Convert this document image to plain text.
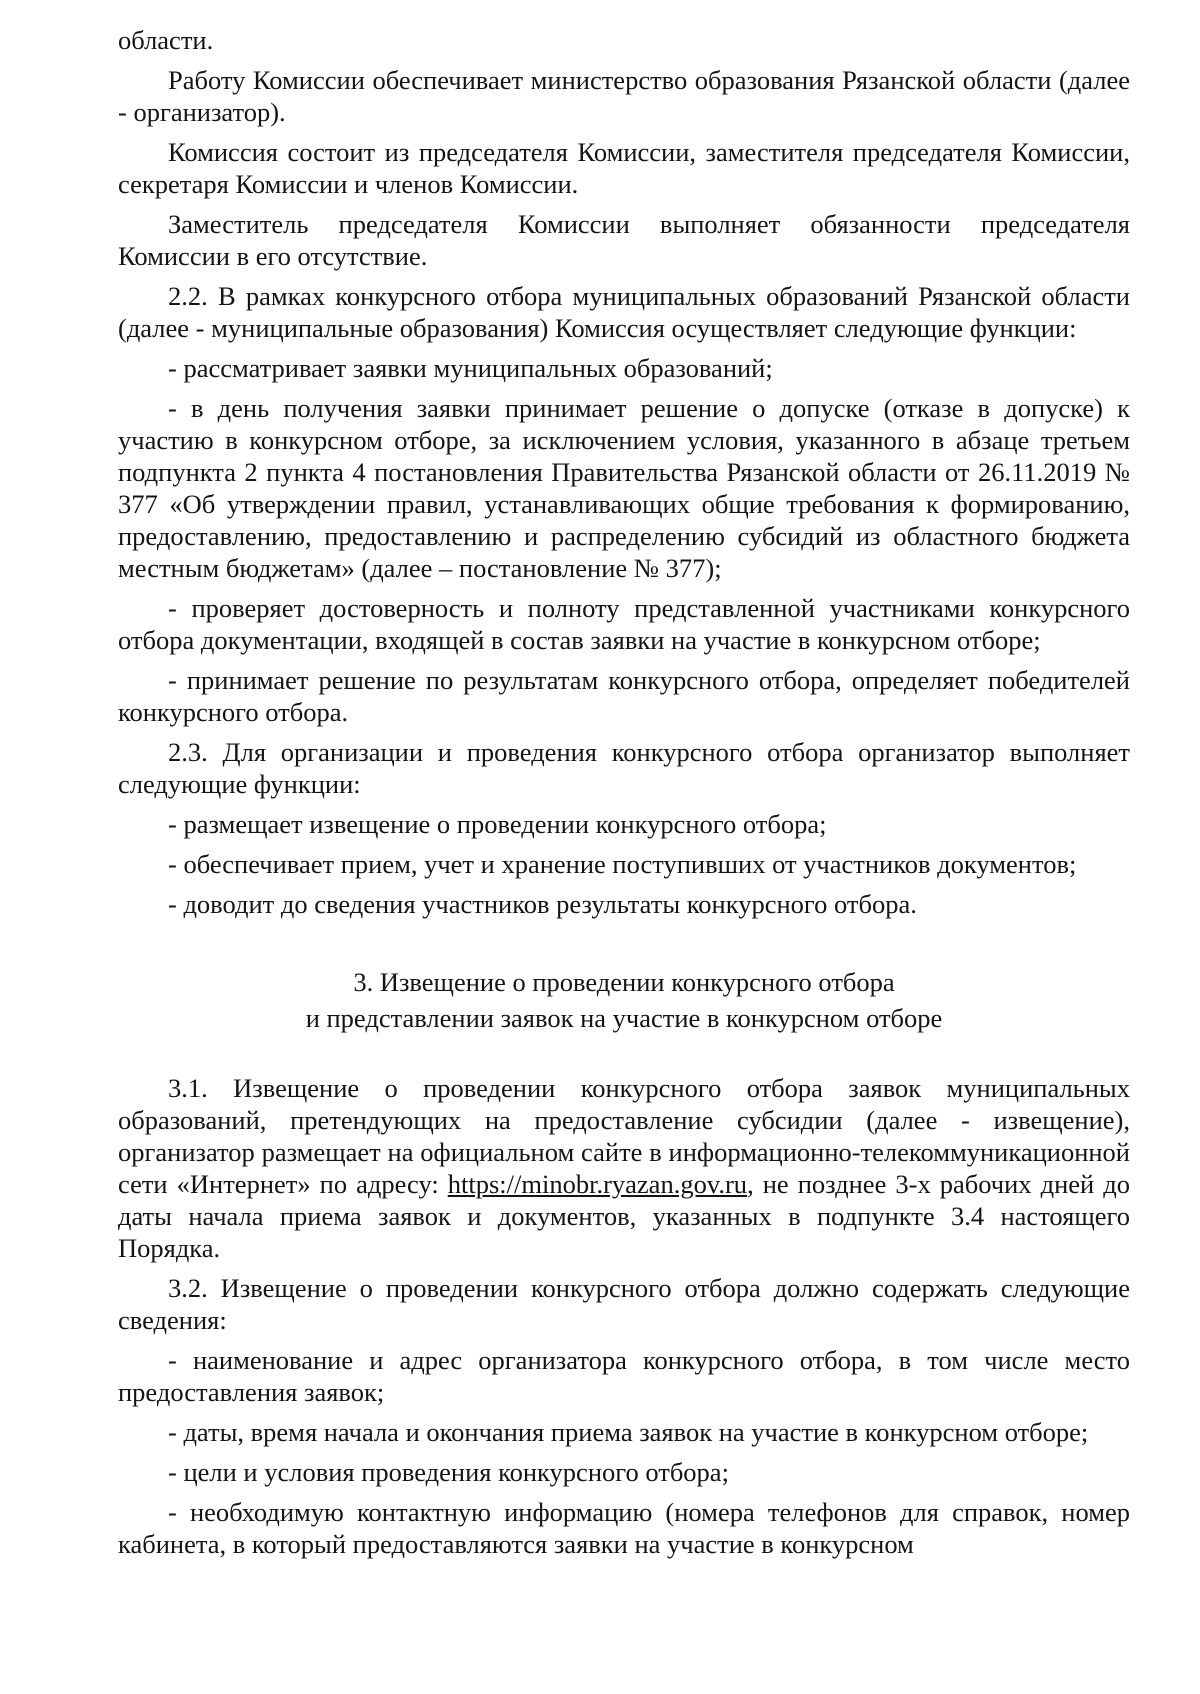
области.

Работу Комиссии обеспечивает министерство образования Рязанской области (далее - организатор).

Комиссия состоит из председателя Комиссии, заместителя председателя Комиссии, секретаря Комиссии и членов Комиссии.

Заместитель председателя Комиссии выполняет обязанности председателя Комиссии в его отсутствие.

2.2. В рамках конкурсного отбора муниципальных образований Рязанской области (далее - муниципальные образования) Комиссия осуществляет следующие функции:

- рассматривает заявки муниципальных образований;

- в день получения заявки принимает решение о допуске (отказе в допуске) к участию в конкурсном отборе, за исключением условия, указанного в абзаце третьем подпункта 2 пункта 4 постановления Правительства Рязанской области от 26.11.2019 № 377 «Об утверждении правил, устанавливающих общие требования к формированию, предоставлению, предоставлению и распределению субсидий из областного бюджета местным бюджетам» (далее – постановление № 377);

- проверяет достоверность и полноту представленной участниками конкурсного отбора документации, входящей в состав заявки на участие в конкурсном отборе;

- принимает решение по результатам конкурсного отбора, определяет победителей конкурсного отбора.

2.3. Для организации и проведения конкурсного отбора организатор выполняет следующие функции:

- размещает извещение о проведении конкурсного отбора;

- обеспечивает прием, учет и хранение поступивших от участников документов;

- доводит до сведения участников результаты конкурсного отбора.

3. Извещение о проведении конкурсного отбора
и представлении заявок на участие в конкурсном отборе

3.1. Извещение о проведении конкурсного отбора заявок муниципальных образований, претендующих на предоставление субсидии (далее - извещение), организатор размещает на официальном сайте в информационно-телекоммуникационной сети «Интернет» по адресу: https://minobr.ryazan.gov.ru, не позднее 3-х рабочих дней до даты начала приема заявок и документов, указанных в подпункте 3.4 настоящего Порядка.

3.2. Извещение о проведении конкурсного отбора должно содержать следующие сведения:

- наименование и адрес организатора конкурсного отбора, в том числе место предоставления заявок;

- даты, время начала и окончания приема заявок на участие в конкурсном отборе;

- цели и условия проведения конкурсного отбора;

- необходимую контактную информацию (номера телефонов для справок, номер кабинета, в который предоставляются заявки на участие в конкурсном
